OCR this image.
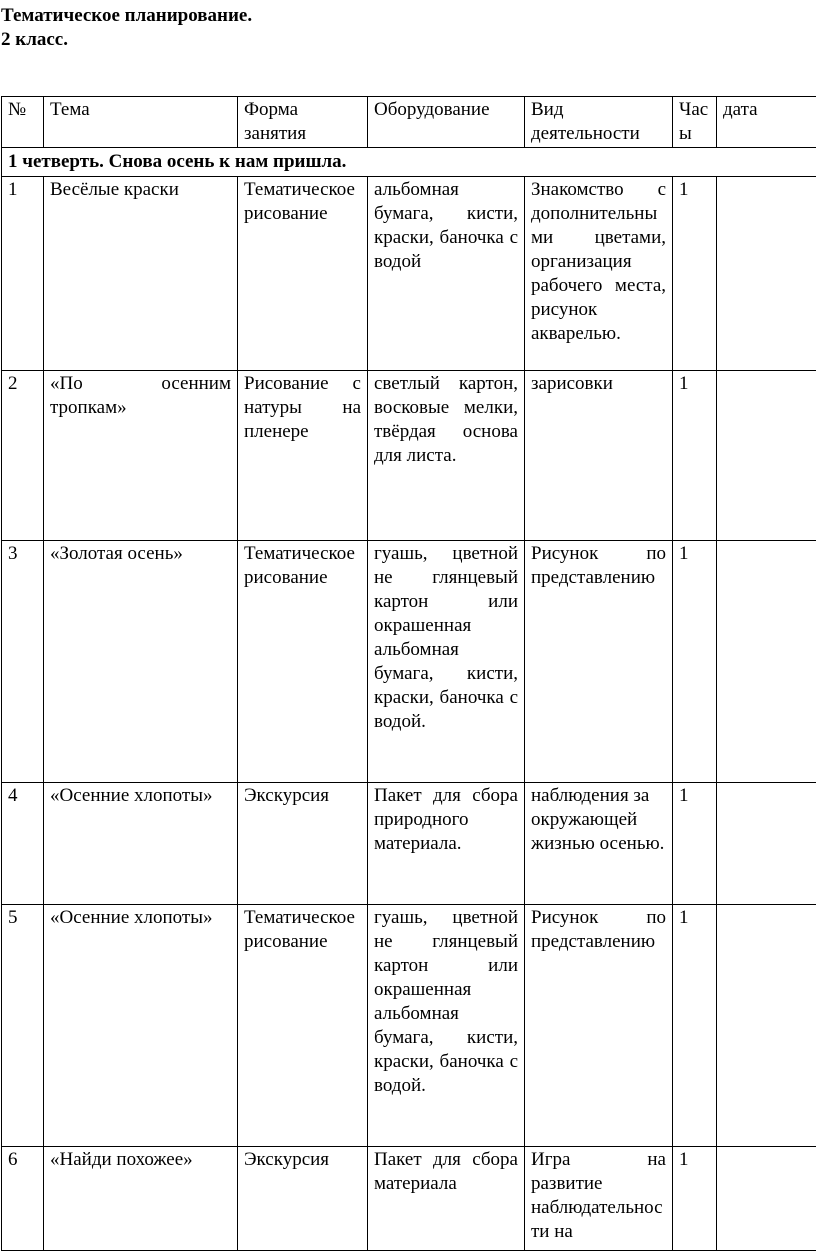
Тематическое планирование.
2 класс.
№	Тема	Форма занятия	Оборудование	Вид деятельности	Часы	дата
1 четверть. Снова осень к нам пришла.						
1	Весёлые краски	Тематическое рисование	альбомная бумага, кисти, краски, баночка с водой	Знакомство с дополнительными цветами, организация рабочего места, рисунок акварелью.	1	
2	«По осенним тропкам»	Рисование с натуры на пленере	светлый картон, восковые мелки, твёрдая основа для листа.	зарисовки	1	
3	«Золотая осень»	Тематическое рисование	гуашь, цветной не глянцевый картон или окрашенная альбомная бумага, кисти, краски, баночка с водой.	Рисунок по представлению	1	
4	«Осенние хлопоты»	Экскурсия	Пакет для сбора природного материала.	наблюдения за окружающей жизнью осенью.	1	
5	«Осенние хлопоты»	Тематическое рисование	гуашь, цветной не глянцевый картон или окрашенная альбомная бумага, кисти, краски, баночка с водой.	Рисунок по представлению	1	
6	«Найди похожее»	Экскурсия	Пакет для сбора материала	Игра на развитие наблюдательности на	1	
